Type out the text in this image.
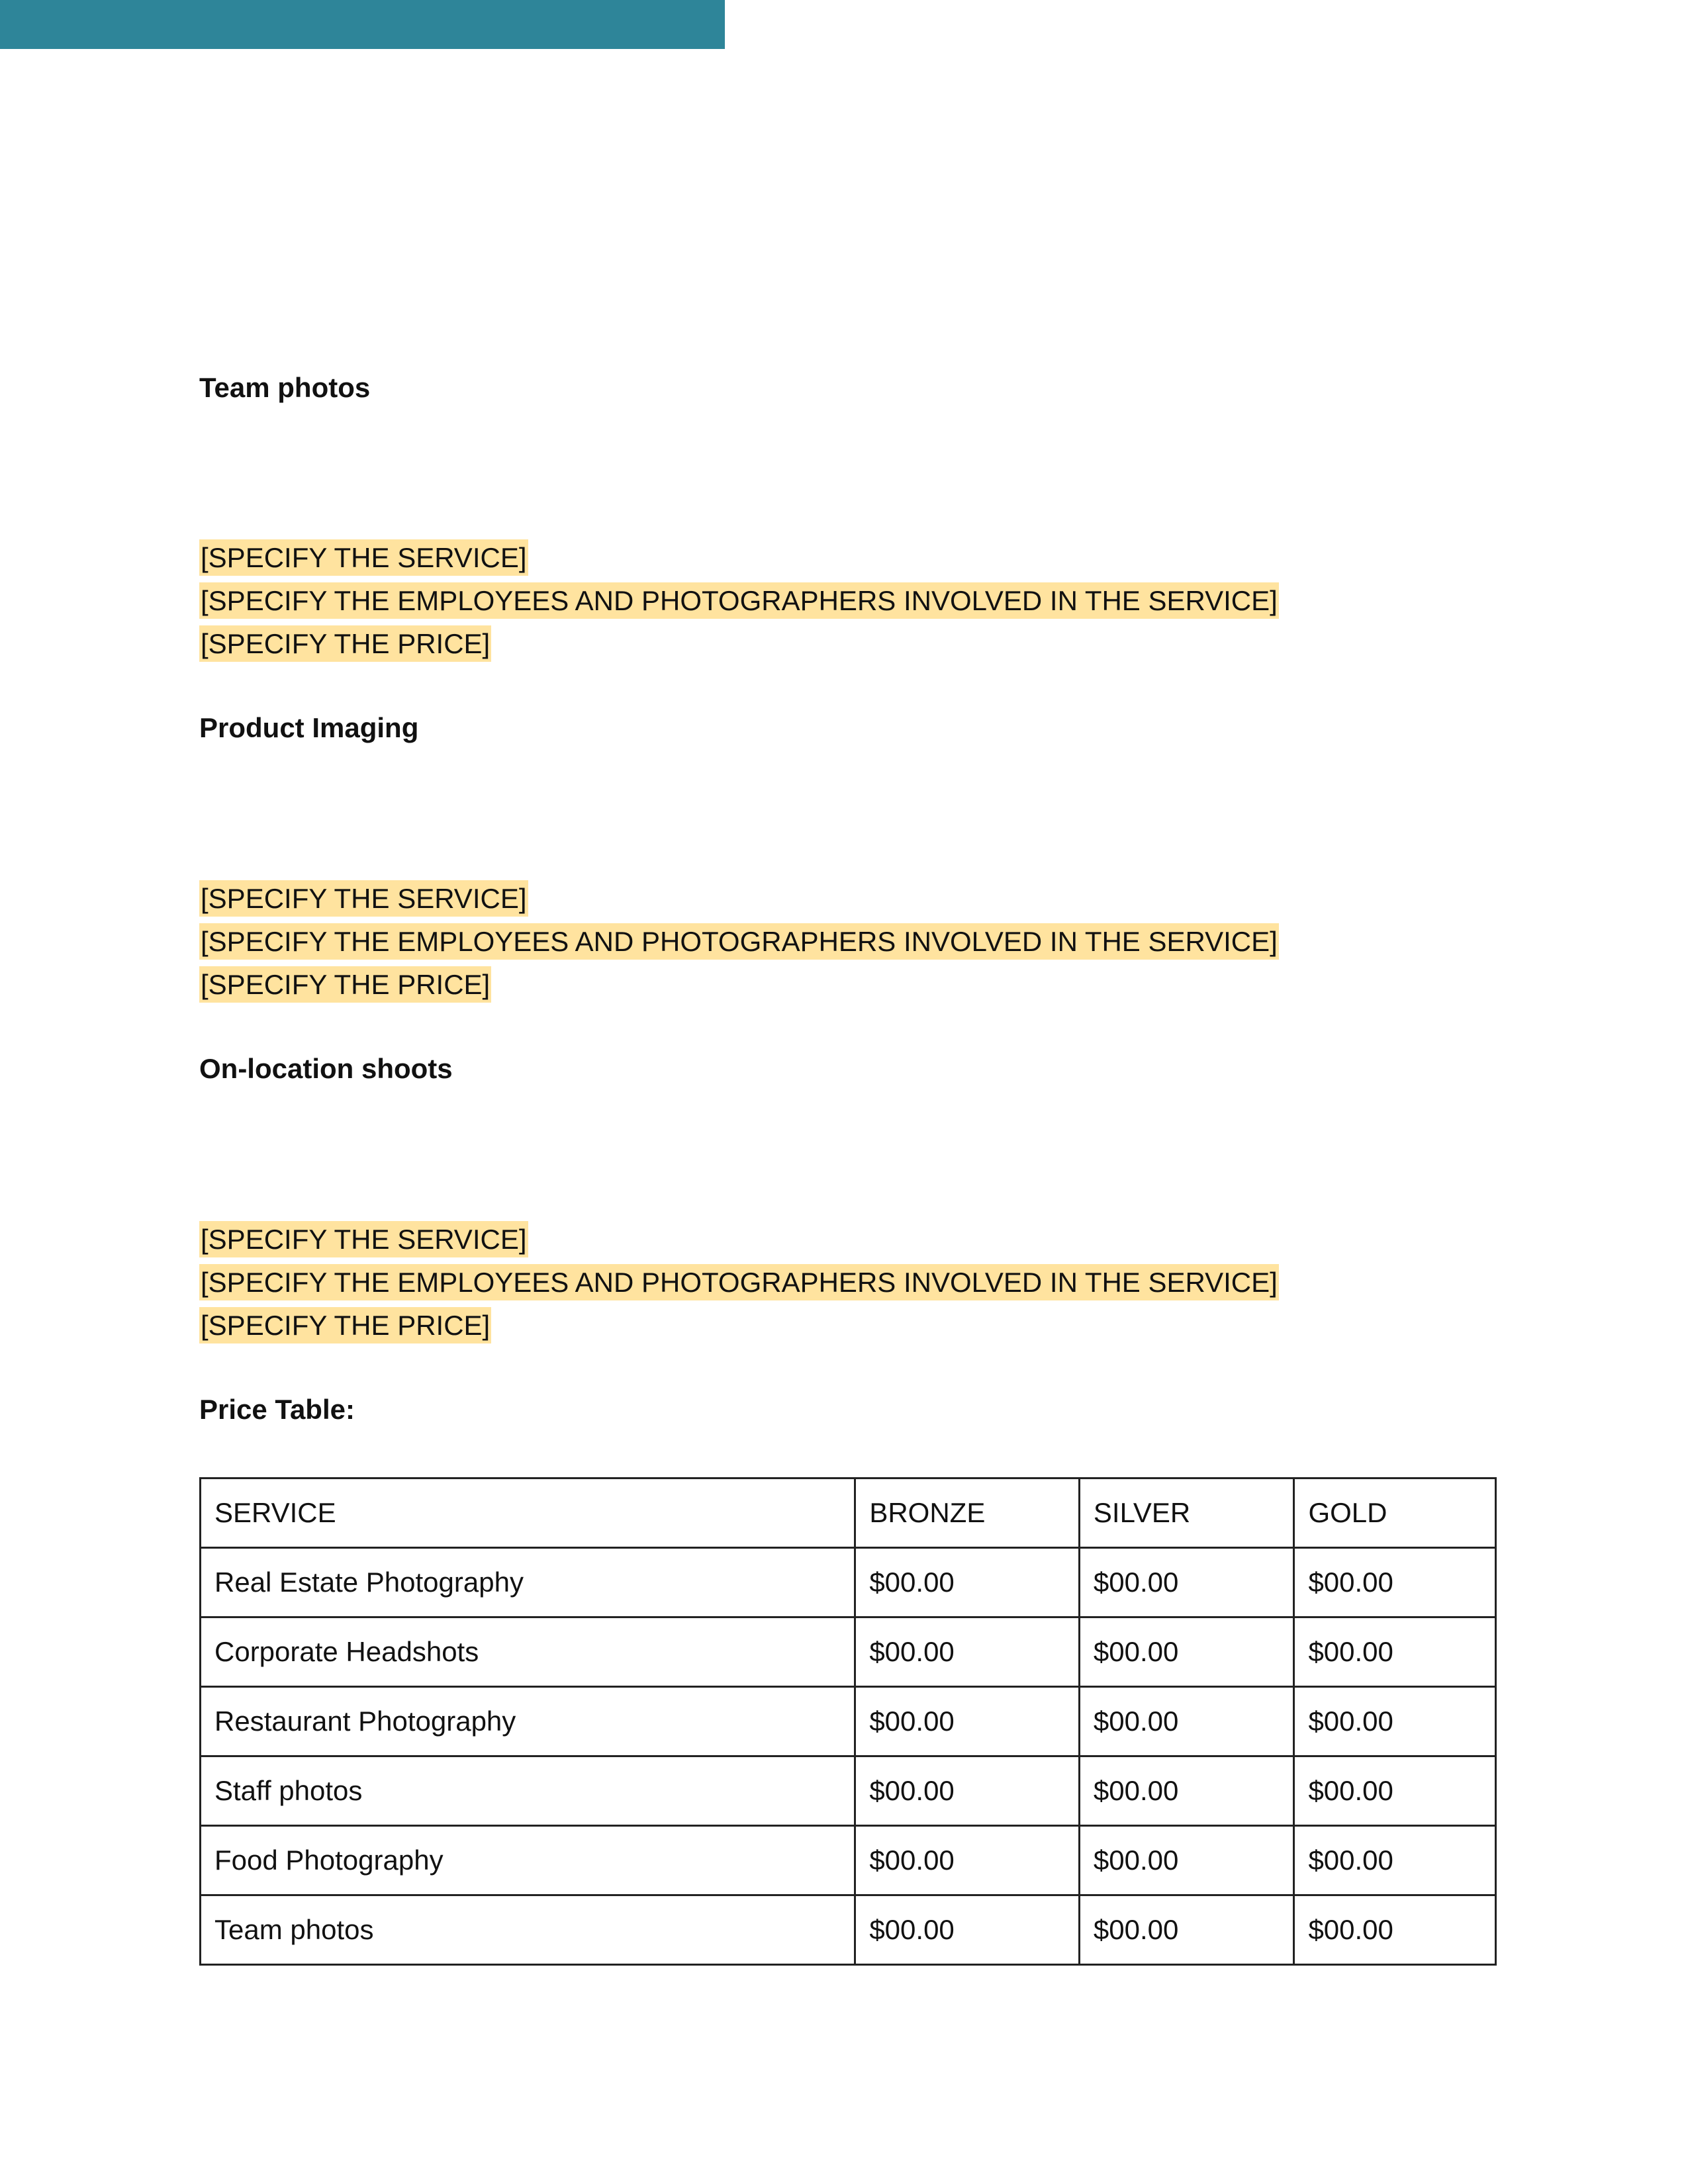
Team photos
[SPECIFY THE SERVICE]
[SPECIFY THE EMPLOYEES AND PHOTOGRAPHERS INVOLVED IN THE SERVICE]
[SPECIFY THE PRICE]
Product Imaging
[SPECIFY THE SERVICE]
[SPECIFY THE EMPLOYEES AND PHOTOGRAPHERS INVOLVED IN THE SERVICE]
[SPECIFY THE PRICE]
On-location shoots
[SPECIFY THE SERVICE]
[SPECIFY THE EMPLOYEES AND PHOTOGRAPHERS INVOLVED IN THE SERVICE]
[SPECIFY THE PRICE]
Price Table:
SERVICE	BRONZE	SILVER	GOLD
Real Estate Photography	$00.00	$00.00	$00.00
Corporate Headshots	$00.00	$00.00	$00.00
Restaurant Photography	$00.00	$00.00	$00.00
Staff photos	$00.00	$00.00	$00.00
Food Photography	$00.00	$00.00	$00.00
Team photos	$00.00	$00.00	$00.00
